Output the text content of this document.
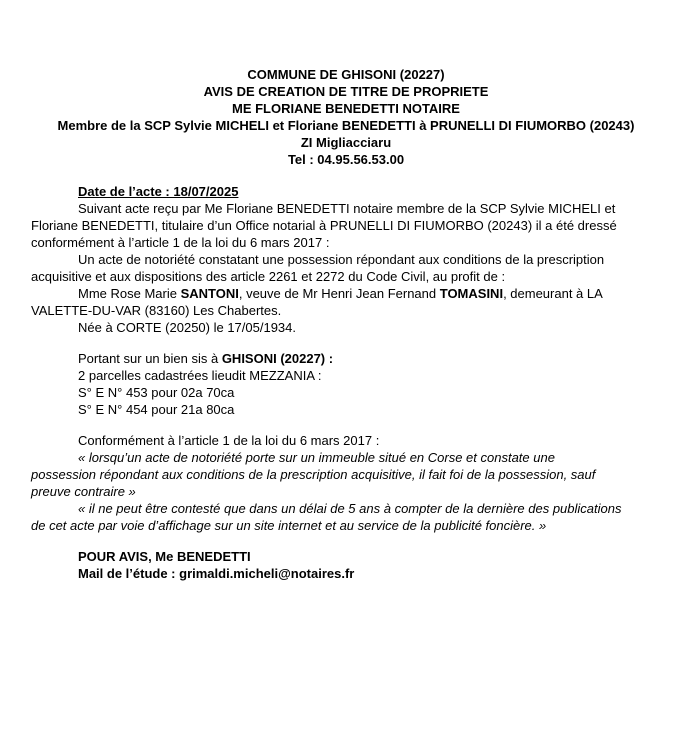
COMMUNE DE GHISONI (20227)
AVIS DE CREATION DE TITRE DE PROPRIETE
ME FLORIANE BENEDETTI NOTAIRE
Membre de la SCP Sylvie MICHELI et Floriane BENEDETTI à PRUNELLI DI FIUMORBO (20243)
ZI Migliacciaru
Tel : 04.95.56.53.00
Date de l’acte : 18/07/2025
Suivant acte reçu par Me Floriane BENEDETTI notaire membre de la SCP Sylvie MICHELI et
Floriane BENEDETTI, titulaire d’un Office notarial à PRUNELLI DI FIUMORBO (20243) il a été dressé
conformément à l’article 1 de la loi du 6 mars 2017 :
Un acte de notoriété constatant une possession répondant aux conditions de la prescription
acquisitive et aux dispositions des article 2261 et 2272 du Code Civil, au profit de :
Mme Rose Marie SANTONI, veuve de Mr Henri Jean Fernand TOMASINI, demeurant à LA
VALETTE-DU-VAR (83160) Les Chabertes.
Née à CORTE (20250) le 17/05/1934.
Portant sur un bien sis à GHISONI (20227) :
2 parcelles cadastrées lieudit MEZZANIA :
S° E N° 453 pour 02a 70ca
S° E N° 454 pour 21a 80ca
Conformément à l’article 1 de la loi du 6 mars 2017 :
« lorsqu’un acte de notoriété porte sur un immeuble situé en Corse et constate une
possession répondant aux conditions de la prescription acquisitive, il fait foi de la possession, sauf
preuve contraire »
« il ne peut être contesté que dans un délai de 5 ans à compter de la dernière des publications
de cet acte par voie d’affichage sur un site internet et au service de la publicité foncière. »
POUR AVIS, Me BENEDETTI
Mail de l’étude : grimaldi.micheli@notaires.fr
